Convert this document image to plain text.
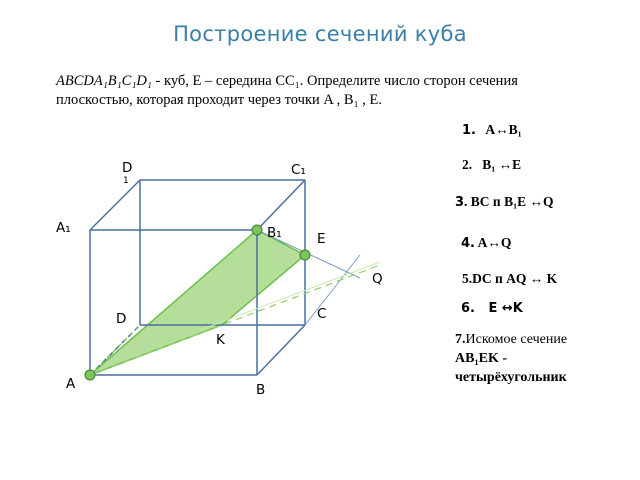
Построение сечений куба
ABCDA₁B₁C₁D₁ - куб, E – середина CC₁. Определите число сторон сечения
плоскостью, которая проходит через точки A , B₁ , E.
D
1
C₁
A₁	B₁	E
Q
D	C
K
A	B
1. A↔B₁
2. B₁ ↔E
3. BC п B₁E ↔Q
4. A↔Q
5.DC п AQ ↔ K
6. E ↔K
7.Искомое сечение
AB₁EK -
четырёхугольник
